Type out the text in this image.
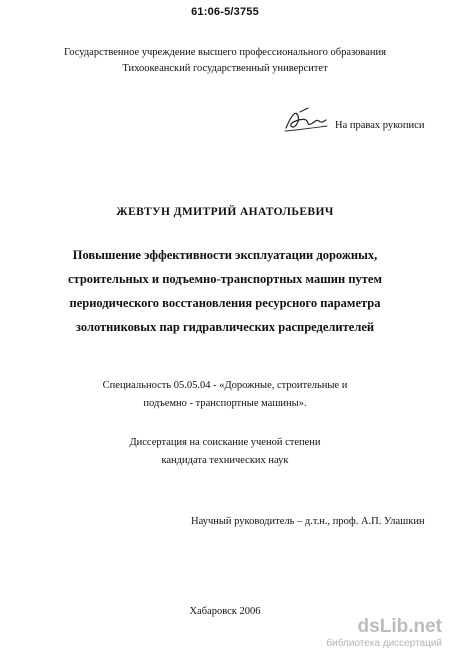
61:06-5/3755
Государственное учреждение высшего профессионального образования
Тихоокеанский государственный университет
На правах рукописи
ЖЕВТУН ДМИТРИЙ АНАТОЛЬЕВИЧ
Повышение эффективности эксплуатации дорожных,
строительных и подъемно-транспортных машин путем
периодического восстановления ресурсного параметра
золотниковых пар гидравлических распределителей
Специальность 05.05.04 - «Дорожные, строительные и
подъемно - транспортные машины».
Диссертация на соискание ученой степени
кандидата технических наук
Научный руководитель – д.т.н., проф. А.П. Улашкин
Хабаровск 2006
dsLib.net
библиотека диссертаций
